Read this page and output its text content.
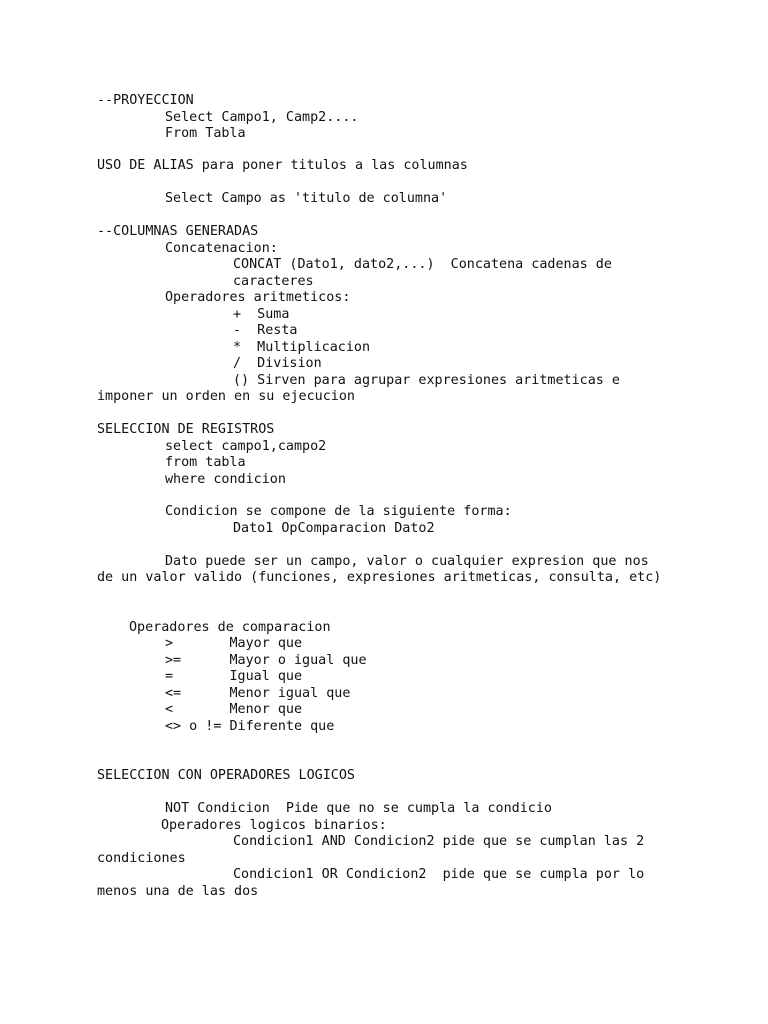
--PROYECCION

Select Campo1, Camp2....

From Tabla

USO DE ALIAS para poner titulos a las columnas

Select Campo as 'titulo de columna'

--COLUMNAS GENERADAS

Concatenacion:

CONCAT (Dato1, dato2,...)  Concatena cadenas de

caracteres

Operadores aritmeticos:

+  Suma

-  Resta

*  Multiplicacion

/  Division

() Sirven para agrupar expresiones aritmeticas e

imponer un orden en su ejecucion

SELECCION DE REGISTROS

select campo1,campo2

from tabla

where condicion

Condicion se compone de la siguiente forma:

Dato1 OpComparacion Dato2

Dato puede ser un campo, valor o cualquier expresion que nos

de un valor valido (funciones, expresiones aritmeticas, consulta, etc)

Operadores de comparacion

>       Mayor que

>=      Mayor o igual que

=       Igual que

<=      Menor igual que

<       Menor que

<> o != Diferente que

SELECCION CON OPERADORES LOGICOS

NOT Condicion  Pide que no se cumpla la condicio

Operadores logicos binarios:

Condicion1 AND Condicion2 pide que se cumplan las 2

condiciones

Condicion1 OR Condicion2  pide que se cumpla por lo

menos una de las dos
